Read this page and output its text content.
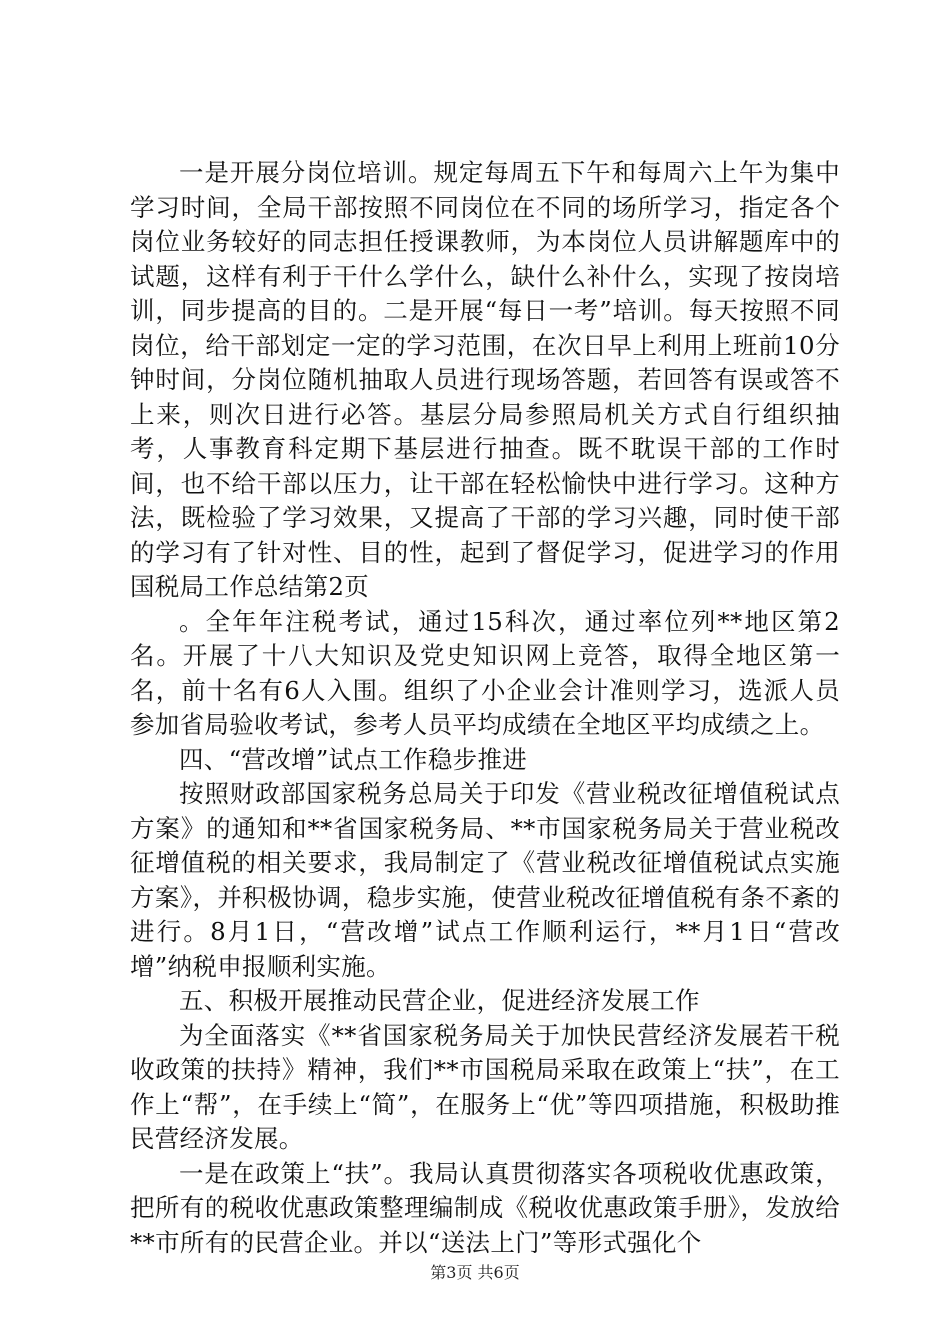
一是开展分岗位培训。规定每周五下午和每周六上午为集中学习时间，全局干部按照不同岗位在不同的场所学习，指定各个岗位业务较好的同志担任授课教师，为本岗位人员讲解题库中的试题，这样有利于干什么学什么，缺什么补什么，实现了按岗培训，同步提高的目的。二是开展“每日一考”培训。每天按照不同岗位，给干部划定一定的学习范围，在次日早上利用上班前10分钟时间，分岗位随机抽取人员进行现场答题，若回答有误或答不上来，则次日进行必答。基层分局参照局机关方式自行组织抽考，人事教育科定期下基层进行抽查。既不耽误干部的工作时间，也不给干部以压力，让干部在轻松愉快中进行学习。这种方法，既检验了学习效果，又提高了干部的学习兴趣，同时使干部的学习有了针对性、目的性，起到了督促学习，促进学习的作用国税局工作总结第2页

。全年年注税考试，通过15科次，通过率位列**地区第2名。开展了十八大知识及党史知识网上竞答，取得全地区第一名，前十名有6人入围。组织了小企业会计准则学习，选派人员参加省局验收考试，参考人员平均成绩在全地区平均成绩之上。

四、“营改增”试点工作稳步推进

按照财政部国家税务总局关于印发《营业税改征增值税试点方案》的通知和**省国家税务局、**市国家税务局关于营业税改征增值税的相关要求，我局制定了《营业税改征增值税试点实施方案》，并积极协调，稳步实施，使营业税改征增值税有条不紊的进行。8月1日，“营改增”试点工作顺利运行，**月1日“营改增”纳税申报顺利实施。

五、积极开展推动民营企业，促进经济发展工作

为全面落实《**省国家税务局关于加快民营经济发展若干税收政策的扶持》精神，我们**市国税局采取在政策上“扶”，在工作上“帮”，在手续上“简”，在服务上“优”等四项措施，积极助推民营经济发展。

一是在政策上“扶”。我局认真贯彻落实各项税收优惠政策，把所有的税收优惠政策整理编制成《税收优惠政策手册》，发放给**市所有的民营企业。并以“送法上门”等形式强化个

第3页 共6页
